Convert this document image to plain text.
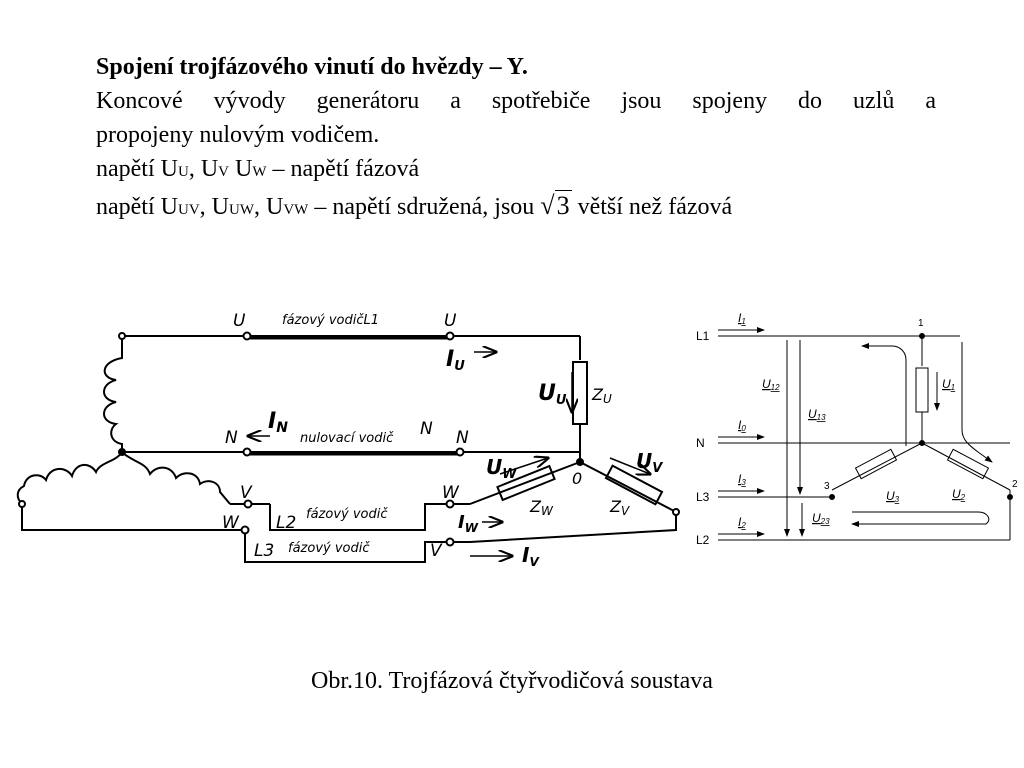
Spojení trojfázového vinutí do hvězdy – Y.
Koncové vývody generátoru a spotřebiče jsou spojeny do uzlů a
propojeny nulovým vodičem.
napětí UU, UV UW – napětí fázová
napětí UUV, UUW, UVW – napětí sdružená, jsou √3 větší než fázová
U	fázový vodičL1	U
IU
UU ZU
IN
nulovací vodič
N	N N
$U_W$	0
$U_V$
ZW	ZV
V
W
W
V
L2 fázový vodič
L3 fázový vodič
$I_W$
$I_V$
L1
N
L3
L2
I1
I0
I3
I2
U12
U13
U23
U1
U2
U3
1
2
3
Obr.10. Trojfázová čtyřvodičová soustava
